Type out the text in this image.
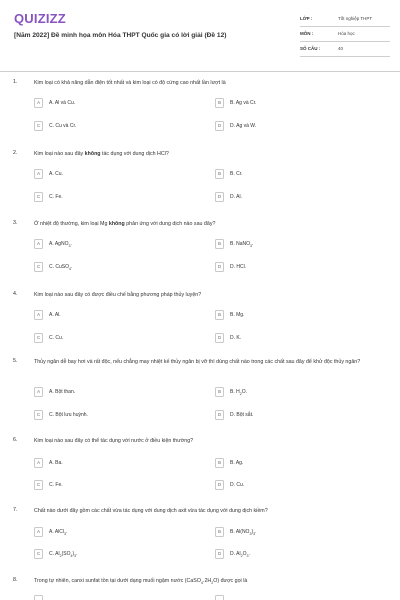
QUIZIZZ
[Năm 2022] Đề minh họa môn Hóa THPT Quốc gia có lời giải (Đề 12)
LỚP :	Tốt nghiệp THPT
MÔN :	Hóa học
SỐ CÂU :	40
1.	Kim loại có khả năng dẫn điện tốt nhất và kim loại có độ cứng cao nhất lần lượt là
A	A. Al và Cu.	B	B. Ag và Cr.
C	C. Cu và Cr.	D	D. Ag và W.
2.	Kim loại nào sau đây không tác dụng với dung dịch HCl?
A	A. Cu.	B	B. Cr.
C	C. Fe.	D	D. Al.
3.	Ở nhiệt độ thường, kim loại Mg không phản ứng với dung dịch nào sau đây?
A	A. AgNO$_3$.	B	B. NaNO$_3$.
C	C. CuSO$_4$.	D	D. HCl.
4.	Kim loại nào sau đây có được điều chế bằng phương pháp thủy luyện?
A	A. Al.	B	B. Mg.
C	C. Cu.	D	D. K.
5.	Thủy ngân dễ bay hơi và rất độc, nếu chẳng may nhiệt kế thủy ngân bị vỡ thì dùng chất nào trong các chất sau đây để khử độc thủy ngân?
A	A. Bột than.	B	B. $H_2O$.
C	C. Bột lưu huỳnh.	D	D. Bột sắt.
6.	Kim loại nào sau đây có thể tác dụng với nước ở điều kiện thường?
A	A. Ba.	B	B. Ag.
C	C. Fe.	D	D. Cu.
7.	Chất nào dưới đây gồm các chất vừa tác dụng với dung dịch axit vừa tác dụng với dung dịch kiềm?
A	A. AlCl$_3$.	B	B. $Al(NO_3)_3$.
C	C. $Al_2(SO_4)_3$.	D	D. $Al_2O_3$.
8.	Trong tự nhiên, canxi sunfat tồn tại dưới dạng muối ngậm nước $(CaSO_4.2H_2O)$ được gọi là
